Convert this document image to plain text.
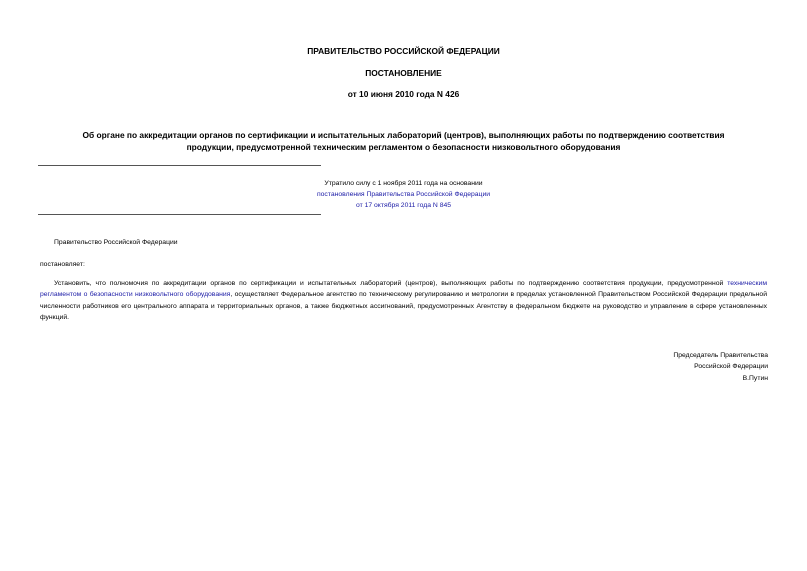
ПРАВИТЕЛЬСТВО РОССИЙСКОЙ ФЕДЕРАЦИИ
ПОСТАНОВЛЕНИЕ
от 10 июня 2010 года N 426
Об органе по аккредитации органов по сертификации и испытательных лабораторий (центров), выполняющих работы по подтверждению соответствия
продукции, предусмотренной техническим регламентом о безопасности низковольтного оборудования
Утратило силу с 1 ноября 2011 года на основании
постановления Правительства Российской Федерации
от 17 октября 2011 года N 845
Правительство Российской Федерации
постановляет:
Установить, что полномочия по аккредитации органов по сертификации и испытательных лабораторий (центров), выполняющих работы по подтверждению соответствия продукции, предусмотренной техническим регламентом о безопасности низковольтного оборудования, осуществляет Федеральное агентство по техническому регулированию и метрологии в пределах установленной Правительством Российской Федерации предельной численности работников его центрального аппарата и территориальных органов, а также бюджетных ассигнований, предусмотренных Агентству в федеральном бюджете на руководство и управление в сфере установленных функций.
Председатель Правительства
Российской Федерации
В.Путин
